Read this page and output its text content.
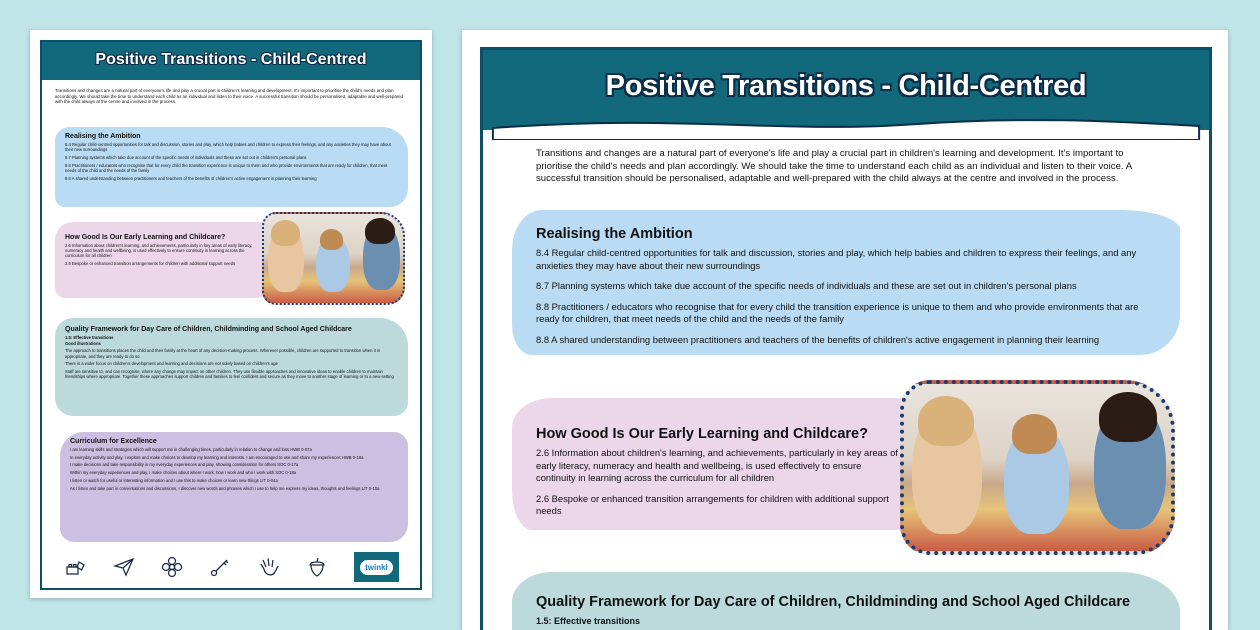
Positive Transitions - Child-Centred

Transitions and changes are a natural part of everyone's life and play a crucial part in children's learning and development. It's important to prioritise the child's needs and plan accordingly. We should take the time to understand each child as an individual and listen to their voice. A successful transition should be personalised, adaptable and well-prepared with the child always at the centre and involved in the process.

Realising the Ambition

8.4 Regular child-centred opportunities for talk and discussion, stories and play, which help babies and children to express their feelings, and any anxieties they may have about their new surroundings

8.7 Planning systems which take due account of the specific needs of individuals and these are set out in children's personal plans

8.8 Practitioners / educators who recognise that for every child the transition experience is unique to them and who provide environments that are ready for children, that meet needs of the child and the needs of the family

8.8 A shared understanding between practitioners and teachers of the benefits of children's active engagement in planning their learning

How Good Is Our Early Learning and Childcare?

2.6 Information about children's learning, and achievements, particularly in key areas of early literacy, numeracy and health and wellbeing, is used effectively to ensure continuity in learning across the curriculum for all children

2.6 Bespoke or enhanced transition arrangements for children with additional support needs

Quality Framework for Day Care of Children, Childminding and School Aged Childcare

1.5: Effective transitions

Good illustrations

The approach to transitions places the child and their family at the heart of any decision-making process. Wherever possible, children are supported to transition when it is appropriate, and they are ready to do so.

There is a wider focus on children's development and learning and decisions are not solely based on children's age

Staff are sensitive to, and can recognise, where any change may impact on other children. They use flexible approaches and innovative ideas to enable children to maintain friendships where appropriate. Together these approaches support children and families to feel confident and secure as they move to another stage of learning or to a new setting

Curriculum for Excellence

I am learning skills and strategies which will support me in challenging times, particularly in relation to change and loss HWB 0-07a

In everyday activity and play, I explore and make choices to develop my learning and interests. I am encouraged to use and share my experiences HWB 0-19a

I make decisions and take responsibility in my everyday experiences and play, showing consideration for others SOC 0-17a

Within my everyday experiences and play, I make choices about where I work, how I work and who I work with SOC 0-18a

I listen or watch for useful or interesting information and I use this to make choices or learn new things LIT 0-04a

As I listen and take part in conversations and discussions, I discover new words and phrases which I use to help me express my ideas, thoughts and feelings LIT 0-10a

twinkl
Positive Transitions - Child-Centred

Transitions and changes are a natural part of everyone's life and play a crucial part in children's learning and development. It's important to prioritise the child's needs and plan accordingly. We should take the time to understand each child as an individual and listen to their voice. A successful transition should be personalised, adaptable and well-prepared with the child always at the centre and involved in the process.

Realising the Ambition

8.4 Regular child-centred opportunities for talk and discussion, stories and play, which help babies and children to express their feelings, and any anxieties they may have about their new surroundings

8.7 Planning systems which take due account of the specific needs of individuals and these are set out in children's personal plans

8.8 Practitioners / educators who recognise that for every child the transition experience is unique to them and who provide environments that are ready for children, that meet needs of the child and the needs of the family

8.8 A shared understanding between practitioners and teachers of the benefits of children's active engagement in planning their learning

How Good Is Our Early Learning and Childcare?

2.6 Information about children's learning, and achievements, particularly in key areas of early literacy, numeracy and health and wellbeing, is used effectively to ensure continuity in learning across the curriculum for all children

2.6 Bespoke or enhanced transition arrangements for children with additional support needs

Quality Framework for Day Care of Children, Childminding and School Aged Childcare

1.5: Effective transitions
